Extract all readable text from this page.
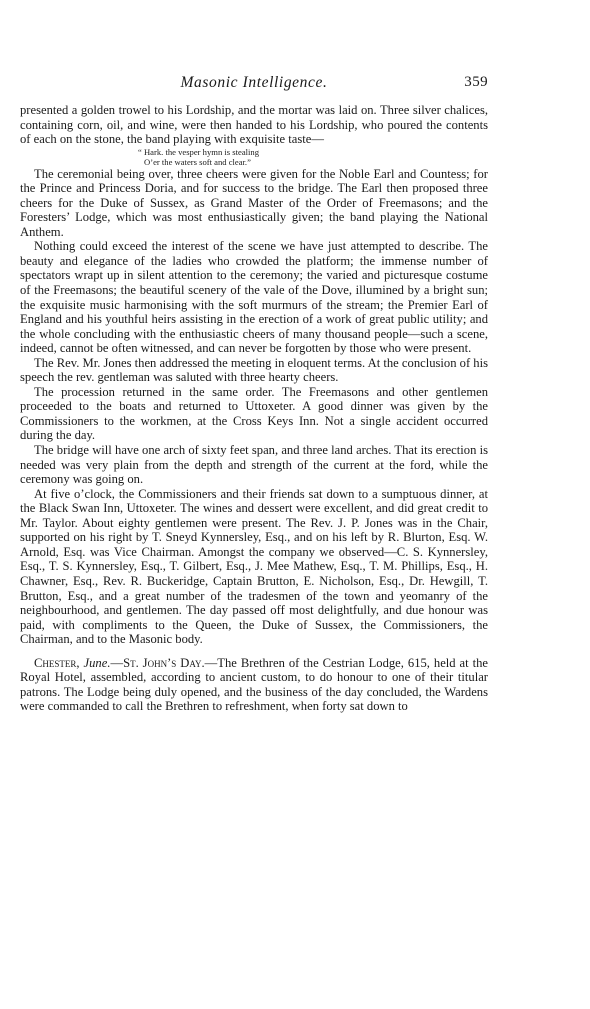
Masonic Intelligence.	359

presented a golden trowel to his Lordship, and the mortar was laid on. Three silver chalices, containing corn, oil, and wine, were then handed to his Lordship, who poured the contents of each on the stone, the band playing with exquisite taste—

“ Hark. the vesper hymn is stealing
O’er the waters soft and clear.”

The ceremonial being over, three cheers were given for the Noble Earl and Countess; for the Prince and Princess Doria, and for success to the bridge. The Earl then proposed three cheers for the Duke of Sussex, as Grand Master of the Order of Freemasons; and the Foresters’ Lodge, which was most enthusiastically given; the band playing the National Anthem.

Nothing could exceed the interest of the scene we have just attempted to describe. The beauty and elegance of the ladies who crowded the platform; the immense number of spectators wrapt up in silent attention to the ceremony; the varied and picturesque costume of the Freemasons; the beautiful scenery of the vale of the Dove, illumined by a bright sun; the exquisite music harmonising with the soft murmurs of the stream; the Premier Earl of England and his youthful heirs assisting in the erection of a work of great public utility; and the whole concluding with the enthusiastic cheers of many thousand people—such a scene, indeed, cannot be often witnessed, and can never be forgotten by those who were present.

The Rev. Mr. Jones then addressed the meeting in eloquent terms. At the conclusion of his speech the rev. gentleman was saluted with three hearty cheers.

The procession returned in the same order. The Freemasons and other gentlemen proceeded to the boats and returned to Uttoxeter. A good dinner was given by the Commissioners to the workmen, at the Cross Keys Inn. Not a single accident occurred during the day.

The bridge will have one arch of sixty feet span, and three land arches. That its erection is needed was very plain from the depth and strength of the current at the ford, while the ceremony was going on.

At five o’clock, the Commissioners and their friends sat down to a sumptuous dinner, at the Black Swan Inn, Uttoxeter. The wines and dessert were excellent, and did great credit to Mr. Taylor. About eighty gentlemen were present. The Rev. J. P. Jones was in the Chair, supported on his right by T. Sneyd Kynnersley, Esq., and on his left by R. Blurton, Esq. W. Arnold, Esq. was Vice Chairman. Amongst the company we observed—C. S. Kynnersley, Esq., T. S. Kynnersley, Esq., T. Gilbert, Esq., J. Mee Mathew, Esq., T. M. Phillips, Esq., H. Chawner, Esq., Rev. R. Buckeridge, Captain Brutton, E. Nicholson, Esq., Dr. Hewgill, T. Brutton, Esq., and a great number of the tradesmen of the town and yeomanry of the neighbourhood, and gentlemen. The day passed off most delightfully, and due honour was paid, with compliments to the Queen, the Duke of Sussex, the Commissioners, the Chairman, and to the Masonic body.

Chester, June.—St. John’s Day.—The Brethren of the Cestrian Lodge, 615, held at the Royal Hotel, assembled, according to ancient custom, to do honour to one of their titular patrons. The Lodge being duly opened, and the business of the day concluded, the Wardens were commanded to call the Brethren to refreshment, when forty sat down to
